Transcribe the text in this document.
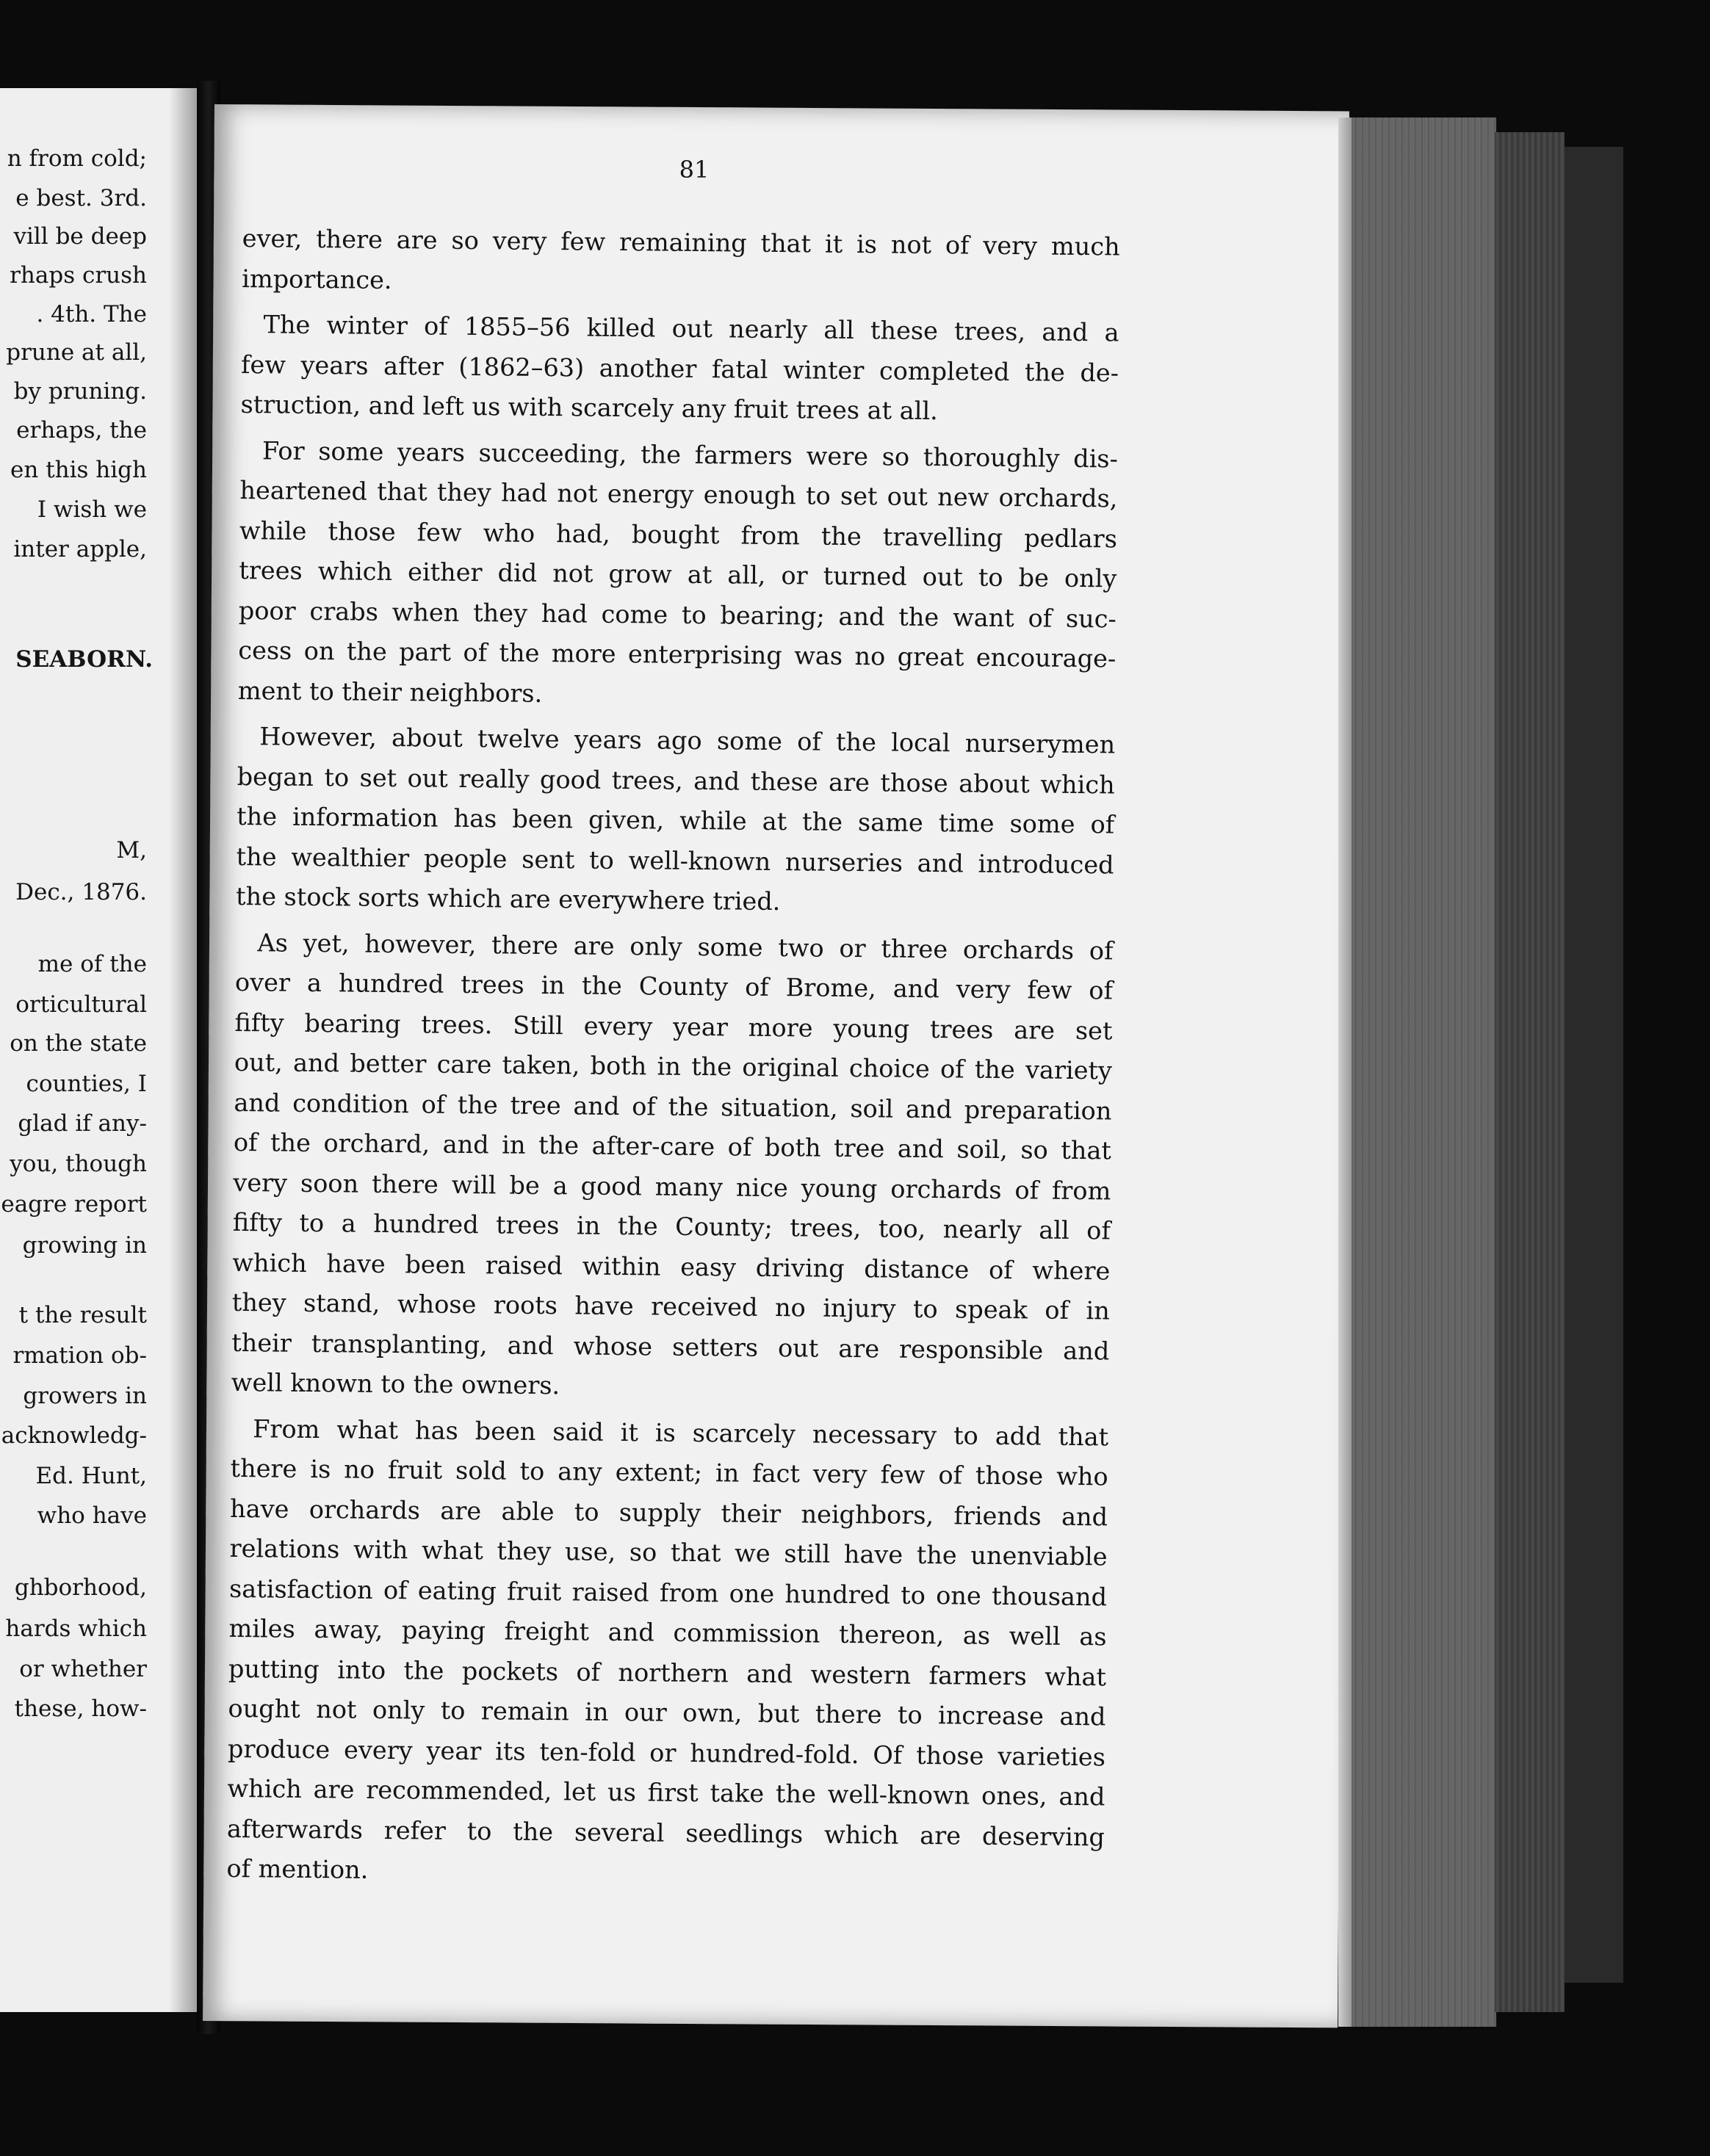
n from cold;
e best. 3rd.
vill be deep
rhaps crush
. 4th. The
prune at all,
by pruning.
erhaps, the
en this high
I wish we
inter apple,
SEABORN.
M,
Dec., 1876.
me of the
orticultural
on the state
counties, I
glad if any-
you, though
eagre report
growing in
t the result
rmation ob-
growers in
acknowledg-
Ed. Hunt,
who have
ghborhood,
hards which
or whether
these, how-
81
ever, there are so very few remaining that it is not of very much
importance.
The winter of 1855–56 killed out nearly all these trees, and a
few years after (1862–63) another fatal winter completed the de-
struction, and left us with scarcely any fruit trees at all.
For some years succeeding, the farmers were so thoroughly dis-
heartened that they had not energy enough to set out new orchards,
while those few who had, bought from the travelling pedlars
trees which either did not grow at all, or turned out to be only
poor crabs when they had come to bearing; and the want of suc-
cess on the part of the more enterprising was no great encourage-
ment to their neighbors.
However, about twelve years ago some of the local nurserymen
began to set out really good trees, and these are those about which
the information has been given, while at the same time some of
the wealthier people sent to well-known nurseries and introduced
the stock sorts which are everywhere tried.
As yet, however, there are only some two or three orchards of
over a hundred trees in the County of Brome, and very few of
fifty bearing trees. Still every year more young trees are set
out, and better care taken, both in the original choice of the variety
and condition of the tree and of the situation, soil and preparation
of the orchard, and in the after-care of both tree and soil, so that
very soon there will be a good many nice young orchards of from
fifty to a hundred trees in the County; trees, too, nearly all of
which have been raised within easy driving distance of where
they stand, whose roots have received no injury to speak of in
their transplanting, and whose setters out are responsible and
well known to the owners.
From what has been said it is scarcely necessary to add that
there is no fruit sold to any extent; in fact very few of those who
have orchards are able to supply their neighbors, friends and
relations with what they use, so that we still have the unenviable
satisfaction of eating fruit raised from one hundred to one thousand
miles away, paying freight and commission thereon, as well as
putting into the pockets of northern and western farmers what
ought not only to remain in our own, but there to increase and
produce every year its ten-fold or hundred-fold. Of those varieties
which are recommended, let us first take the well-known ones, and
afterwards refer to the several seedlings which are deserving
of mention.
